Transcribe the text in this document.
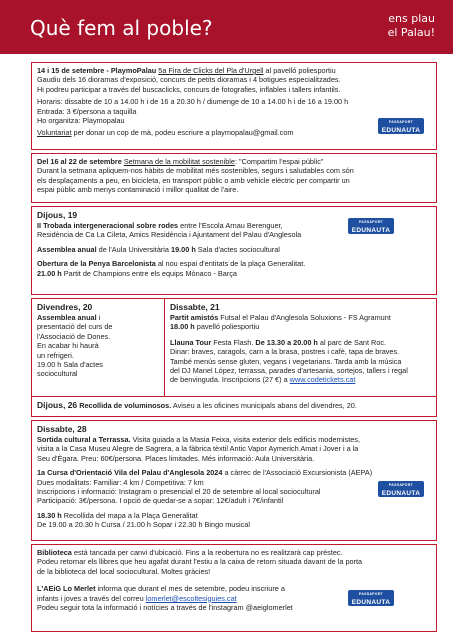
Què fem al poble?	ens plau
el Palau!
14 i 15 de setembre - PlaymoPalau 5a Fira de Clicks del Pla d'Urgell al pavelló poliesportiu
Gaudiu dels 16 dioramas d'exposició, concurs de petits dioramas i 4 botigues especialitzades.
Hi podreu participar a través del buscaclicks, concurs de fotografies, inflables i tallers infantils.
Horaris: dissabte de 10 a 14.00 h i de 16 a 20.30 h / diumenge de 10 a 14.00 h i de 16 a 19.00 h
Entrada: 3 €/persona a taquilla
Ho organitza: Playmopalau
Voluntariat per donar un cop de mà, podeu escriure a playmopalau@gmail.com
PASSAPORT
EDUNAUTA
Del 16 al 22 de setembre Setmana de la mobilitat sostenible: "Compartim l'espai públic"
Durant la setmana apliquem-nos hàbits de mobilitat més sostenibles, segurs i saludables com són
els desplaçaments a peu, en bicicleta, en transport públic o amb vehicle elèctric per compartir un
espai públic amb menys contaminació i millor qualitat de l'aire.
Dijous, 19
II Trobada intergeneracional sobre rodes entre l'Escola Arnau Berenguer,
Residència de Ca La Cileta, Amics Residència i Ajuntament del Palau d'Anglesola
Assemblea anual de l'Aula Universitària 19.00 h Sala d'actes sociocultural
Obertura de la Penya Barcelonista al nou espai d'entitats de la plaça Generalitat.
21.00 h Partit de Champions entre els equips Mònaco - Barça
PASSAPORT
EDUNAUTA
Divendres, 20
Assemblea anual i
presentació del curs de
l'Associació de Dones.
En acabar hi haurà
un refrigeri.
19.00 h Sala d'actes
sociocultural
Dissabte, 21
Partit amistós Futsal el Palau d'Anglesola Soluxions - FS Agramunt
18.00 h pavelló poliesportiu
Llauna Tour Festa Flash. De 13.30 a 20.00 h al parc de Sant Roc.
Dinar: braves, caragols, carn a la brasa, postres i cafè, tapa de braves.
També menús sense gluten, vegans i vegetarians. Tarda amb la música
del DJ Manel López, terrassa, parades d'artesania, sortejos, tallers i regal
de benvinguda. Inscripcions (27 €) a www.codetickets.cat
Dijous, 26 Recollida de voluminosos. Aviseu a les oficines municipals abans del divendres, 20.
Dissabte, 28
Sortida cultural a Terrassa. Visita guiada a la Masia Feixa, visita exterior dels edificis modernistes,
visita a la Casa Museu Alegre de Sagrera, a la fàbrica tèxtil Antic Vapor Aymerich Amat i Jover i a la
Seu d'Ègara. Preu: 60€/persona. Places limitades. Més informació: Aula Universitària.
1a Cursa d'Orientació Vila del Palau d'Anglesola 2024 a càrrec de l'Associació Excursionista (AEPA)
Dues modalitats: Familiar: 4 km / Competitiva: 7 km
Inscripcions i informació: Instagram o presencial el 20 de setembre al local sociocultural
Participació: 3€/persona. I opció de quedar-se a sopar: 12€/adult i 7€/infantil
18.30 h Recollida del mapa a la Plaça Generalitat
De 19.00 a 20.30 h Cursa / 21.00 h Sopar i 22.30 h Bingo musical
PASSAPORT
EDUNAUTA
Biblioteca està tancada per canvi d'ubicació. Fins a la reobertura no es realitzarà cap préstec.
Podeu retornar els llibres que heu agafat durant l'estiu a la caixa de retorn situada davant de la porta
de la biblioteca del local sociocultural. Moltes gràcies!
L'AEiG Lo Merlet informa que durant el mes de setembre, podeu inscriure a
infants i joves a través del correu lomerlet@escoltesiguies.cat
Podeu seguir tota la informació i notícies a través de l'instagram @aeiglomerlet
PASSAPORT
EDUNAUTA
